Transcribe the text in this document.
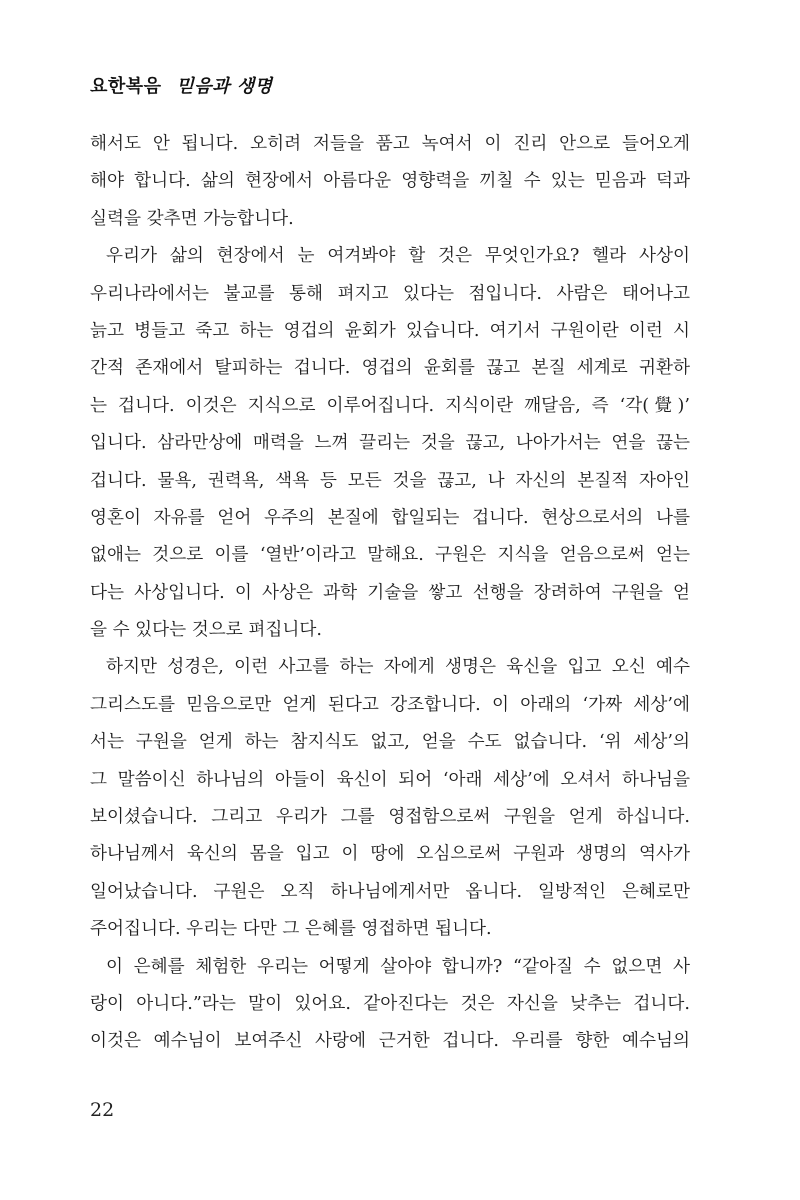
요한복음 믿음과 생명
해서도 안 됩니다. 오히려 저들을 품고 녹여서 이 진리 안으로 들어오게
해야 합니다. 삶의 현장에서 아름다운 영향력을 끼칠 수 있는 믿음과 덕과
실력을 갖추면 가능합니다.
우리가 삶의 현장에서 눈 여겨봐야 할 것은 무엇인가요? 헬라 사상이
우리나라에서는 불교를 통해 펴지고 있다는 점입니다. 사람은 태어나고
늙고 병들고 죽고 하는 영겁의 윤회가 있습니다. 여기서 구원이란 이런 시
간적 존재에서 탈피하는 겁니다. 영겁의 윤회를 끊고 본질 세계로 귀환하
는 겁니다. 이것은 지식으로 이루어집니다. 지식이란 깨달음, 즉 ‘각(覺)’
입니다. 삼라만상에 매력을 느껴 끌리는 것을 끊고, 나아가서는 연을 끊는
겁니다. 물욕, 권력욕, 색욕 등 모든 것을 끊고, 나 자신의 본질적 자아인
영혼이 자유를 얻어 우주의 본질에 합일되는 겁니다. 현상으로서의 나를
없애는 것으로 이를 ‘열반’이라고 말해요. 구원은 지식을 얻음으로써 얻는
다는 사상입니다. 이 사상은 과학 기술을 쌓고 선행을 장려하여 구원을 얻
을 수 있다는 것으로 펴집니다.
하지만 성경은, 이런 사고를 하는 자에게 생명은 육신을 입고 오신 예수
그리스도를 믿음으로만 얻게 된다고 강조합니다. 이 아래의 ‘가짜 세상’에
서는 구원을 얻게 하는 참지식도 없고, 얻을 수도 없습니다. ‘위 세상’의
그 말씀이신 하나님의 아들이 육신이 되어 ‘아래 세상’에 오셔서 하나님을
보이셨습니다. 그리고 우리가 그를 영접함으로써 구원을 얻게 하십니다.
하나님께서 육신의 몸을 입고 이 땅에 오심으로써 구원과 생명의 역사가
일어났습니다. 구원은 오직 하나님에게서만 옵니다. 일방적인 은혜로만
주어집니다. 우리는 다만 그 은혜를 영접하면 됩니다.
이 은혜를 체험한 우리는 어떻게 살아야 합니까? “같아질 수 없으면 사
랑이 아니다.”라는 말이 있어요. 같아진다는 것은 자신을 낮추는 겁니다.
이것은 예수님이 보여주신 사랑에 근거한 겁니다. 우리를 향한 예수님의
22
